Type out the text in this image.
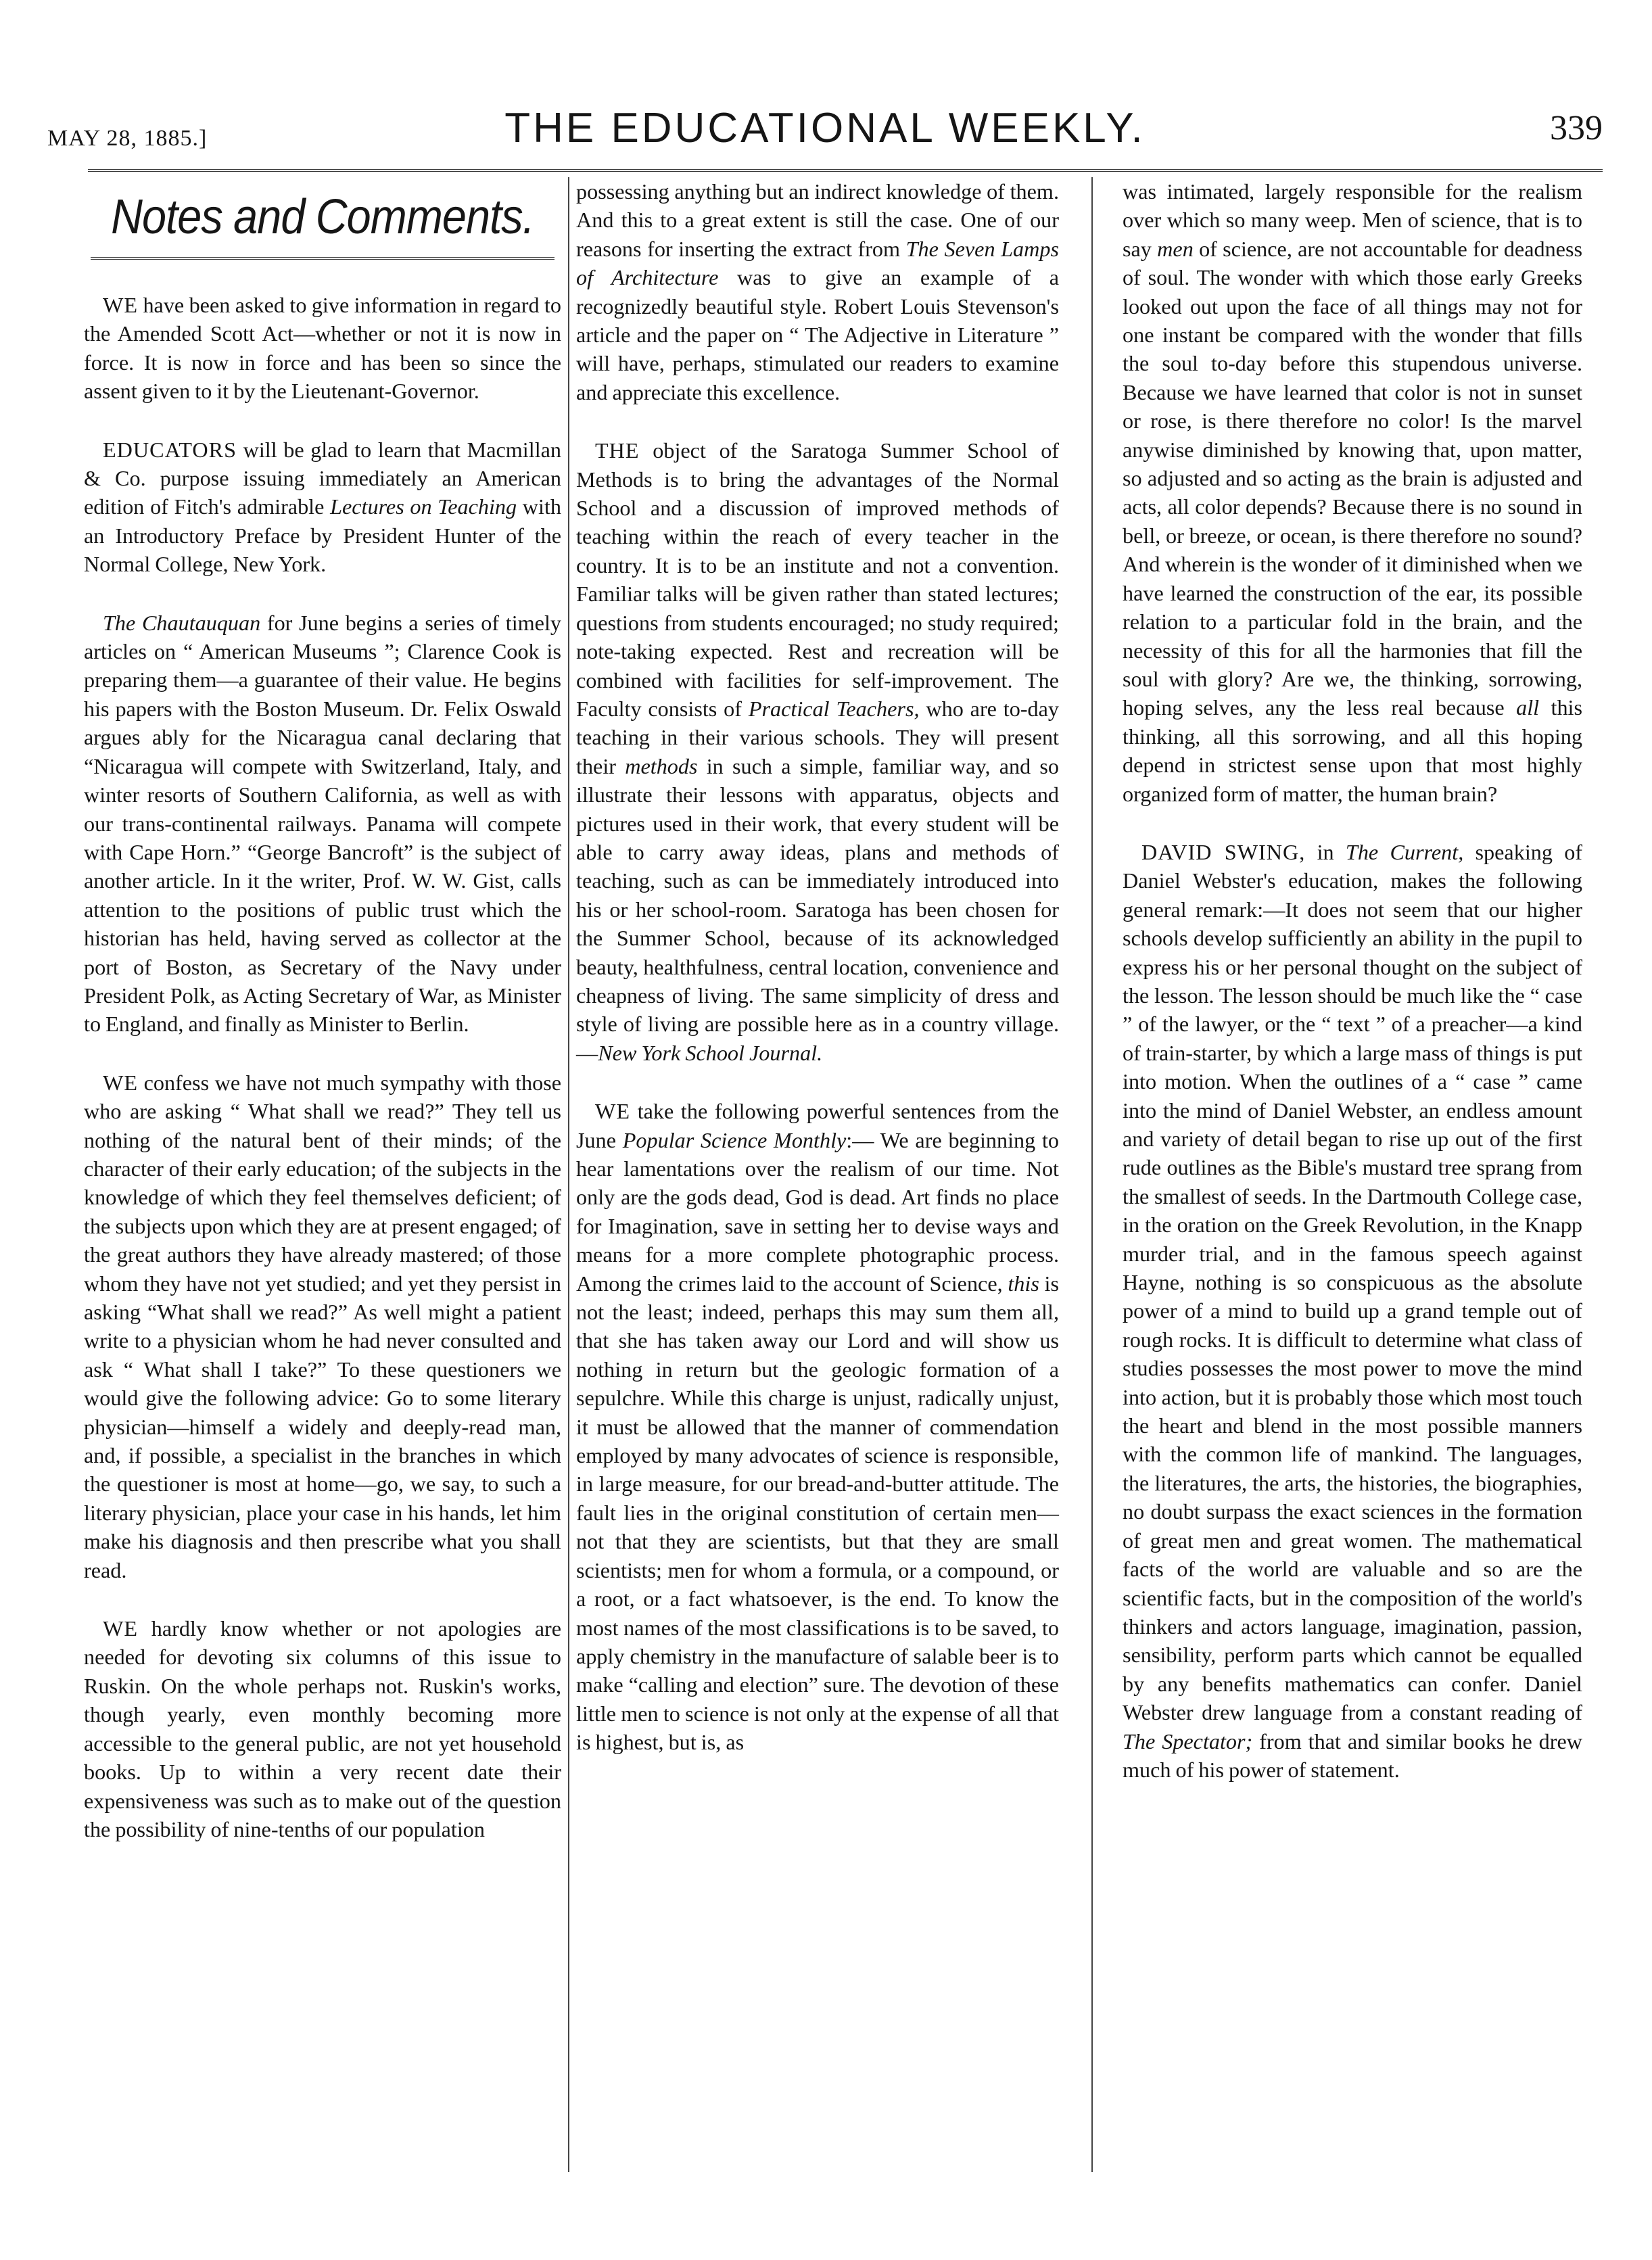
MAY 28, 1885.]	THE EDUCATIONAL WEEKLY.	339
Notes and Comments.

WE have been asked to give information in regard to the Amended Scott Act—whether or not it is now in force. It is now in force and has been so since the assent given to it by the Lieutenant-Governor.

EDUCATORS will be glad to learn that Macmillan & Co. purpose issuing immediately an American edition of Fitch's admirable Lectures on Teaching with an Introductory Preface by President Hunter of the Normal College, New York.

The Chautauquan for June begins a series of timely articles on “ American Museums ”; Clarence Cook is preparing them—a guarantee of their value. He begins his papers with the Boston Museum. Dr. Felix Oswald argues ably for the Nicaragua canal declaring that “Nicaragua will compete with Switzerland, Italy, and winter resorts of Southern California, as well as with our trans-continental railways. Panama will compete with Cape Horn.” “George Bancroft” is the subject of another article. In it the writer, Prof. W. W. Gist, calls attention to the positions of public trust which the historian has held, having served as collector at the port of Boston, as Secretary of the Navy under President Polk, as Acting Secretary of War, as Minister to England, and finally as Minister to Berlin.

WE confess we have not much sympathy with those who are asking “ What shall we read?” They tell us nothing of the natural bent of their minds; of the character of their early education; of the subjects in the knowledge of which they feel themselves deficient; of the subjects upon which they are at present engaged; of the great authors they have already mastered; of those whom they have not yet studied; and yet they persist in asking “What shall we read?” As well might a patient write to a physician whom he had never consulted and ask “ What shall I take?” To these questioners we would give the following advice: Go to some literary physician—himself a widely and deeply-read man, and, if possible, a specialist in the branches in which the questioner is most at home—go, we say, to such a literary physician, place your case in his hands, let him make his diagnosis and then prescribe what you shall read.

WE hardly know whether or not apologies are needed for devoting six columns of this issue to Ruskin. On the whole perhaps not. Ruskin's works, though yearly, even monthly becoming more accessible to the general public, are not yet household books. Up to within a very recent date their expensiveness was such as to make out of the question the possibility of nine-tenths of our population

possessing anything but an indirect knowledge of them. And this to a great extent is still the case. One of our reasons for inserting the extract from The Seven Lamps of Architecture was to give an example of a recognizedly beautiful style. Robert Louis Stevenson's article and the paper on “ The Adjective in Literature ” will have, perhaps, stimulated our readers to examine and appreciate this excellence.

THE object of the Saratoga Summer School of Methods is to bring the advantages of the Normal School and a discussion of improved methods of teaching within the reach of every teacher in the country. It is to be an institute and not a convention. Familiar talks will be given rather than stated lectures; questions from students encouraged; no study required; note-taking expected. Rest and recreation will be combined with facilities for self-improvement. The Faculty consists of Practical Teachers, who are to-day teaching in their various schools. They will present their methods in such a simple, familiar way, and so illustrate their lessons with apparatus, objects and pictures used in their work, that every student will be able to carry away ideas, plans and methods of teaching, such as can be immediately introduced into his or her school-room. Saratoga has been chosen for the Summer School, because of its acknowledged beauty, healthfulness, central location, convenience and cheapness of living. The same simplicity of dress and style of living are possible here as in a country village.—New York School Journal.

WE take the following powerful sentences from the June Popular Science Monthly:— We are beginning to hear lamentations over the realism of our time. Not only are the gods dead, God is dead. Art finds no place for Imagination, save in setting her to devise ways and means for a more complete photographic process. Among the crimes laid to the account of Science, this is not the least; indeed, perhaps this may sum them all, that she has taken away our Lord and will show us nothing in return but the geologic formation of a sepulchre. While this charge is unjust, radically unjust, it must be allowed that the manner of commendation employed by many advocates of science is responsible, in large measure, for our bread-and-butter attitude. The fault lies in the original constitution of certain men—not that they are scientists, but that they are small scientists; men for whom a formula, or a compound, or a root, or a fact whatsoever, is the end. To know the most names of the most classifications is to be saved, to apply chemistry in the manufacture of salable beer is to make “calling and election” sure. The devotion of these little men to science is not only at the expense of all that is highest, but is, as

was intimated, largely responsible for the realism over which so many weep. Men of science, that is to say men of science, are not accountable for deadness of soul. The wonder with which those early Greeks looked out upon the face of all things may not for one instant be compared with the wonder that fills the soul to-day before this stupendous universe. Because we have learned that color is not in sunset or rose, is there therefore no color! Is the marvel anywise diminished by knowing that, upon matter, so adjusted and so acting as the brain is adjusted and acts, all color depends? Because there is no sound in bell, or breeze, or ocean, is there therefore no sound? And wherein is the wonder of it diminished when we have learned the construction of the ear, its possible relation to a particular fold in the brain, and the necessity of this for all the harmonies that fill the soul with glory? Are we, the thinking, sorrowing, hoping selves, any the less real because all this thinking, all this sorrowing, and all this hoping depend in strictest sense upon that most highly organized form of matter, the human brain?

DAVID SWING, in The Current, speaking of Daniel Webster's education, makes the following general remark:—It does not seem that our higher schools develop sufficiently an ability in the pupil to express his or her personal thought on the subject of the lesson. The lesson should be much like the “ case ” of the lawyer, or the “ text ” of a preacher—a kind of train-starter, by which a large mass of things is put into motion. When the outlines of a “ case ” came into the mind of Daniel Webster, an endless amount and variety of detail began to rise up out of the first rude outlines as the Bible's mustard tree sprang from the smallest of seeds. In the Dartmouth College case, in the oration on the Greek Revolution, in the Knapp murder trial, and in the famous speech against Hayne, nothing is so conspicuous as the absolute power of a mind to build up a grand temple out of rough rocks. It is difficult to determine what class of studies possesses the most power to move the mind into action, but it is probably those which most touch the heart and blend in the most possible manners with the common life of mankind. The languages, the literatures, the arts, the histories, the biographies, no doubt surpass the exact sciences in the formation of great men and great women. The mathematical facts of the world are valuable and so are the scientific facts, but in the composition of the world's thinkers and actors language, imagination, passion, sensibility, perform parts which cannot be equalled by any benefits mathematics can confer. Daniel Webster drew language from a constant reading of The Spectator; from that and similar books he drew much of his power of statement.
